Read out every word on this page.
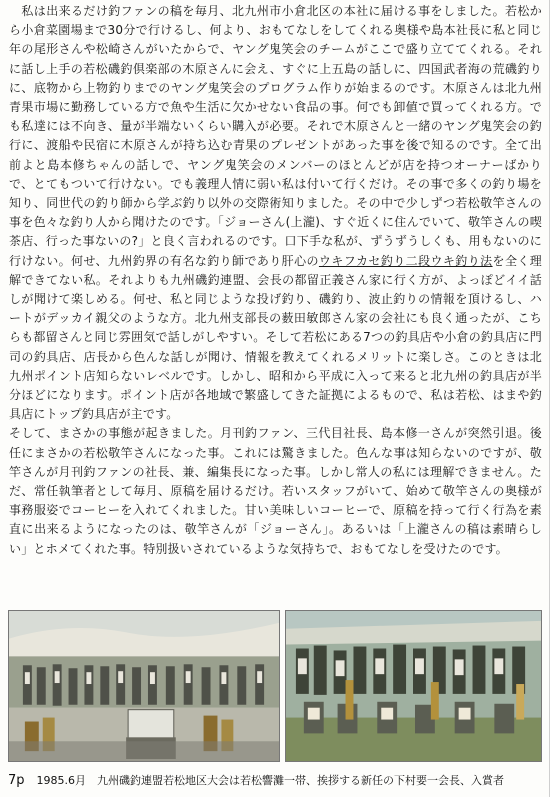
　私は出来るだけ釣ファンの稿を毎月、北九州市小倉北区の本社に届ける事をしました。若松から小倉菜園場まで30分で行けるし、何より、おもてなしをしてくれる奥様や島本社長に私と同じ年の尾形さんや松崎さんがいたからで、ヤング鬼笑会のチームがここで盛り立ててくれる。それに話し上手の若松磯釣倶楽部の木原さんに会え、すぐに上五島の話しに、四国武者海の荒磯釣りに、底物から上物釣りまでのヤング鬼笑会のプログラム作りが始まるのです。木原さんは北九州青果市場に勤務している方で魚や生活に欠かせない食品の事。何でも卸値で買ってくれる方。でも私達には不向き、量が半端ないくらい購入が必要。それで木原さんと一緒のヤング鬼笑会の釣行に、渡船や民宿に木原さんが持ち込む青果のプレゼントがあった事を後で知るのです。全て出前よと島本修ちゃんの話しで、ヤング鬼笑会のメンバーのほとんどが店を持つオーナーばかりで、とてもついて行けない。でも義理人情に弱い私は付いて行くだけ。その事で多くの釣り場を知り、同世代の釣り師から学ぶ釣り以外の交際術知りました。その中で少しずつ若松敬竿さんの事を色々な釣り人から聞けたのです。「ジョーさん(上瀧)、すぐ近くに住んでいて、敬竿さんの喫茶店、行った事ないの?」と良く言われるのです。口下手な私が、ずうずうしくも、用もないのに行けない。何せ、九州釣界の有名な釣り師であり肝心のウキフカセ釣り二段ウキ釣り法を全く理解できてない私。それよりも九州磯釣連盟、会長の都留正義さん家に行く方が、よっぽどイイ話しが聞けて楽しめる。何せ、私と同じような投げ釣り、磯釣り、波止釣りの情報を頂けるし、ハートがデッカイ親父のような方。北九州支部長の薮田敏郎さん家の会社にも良く通ったが、こちらも都留さんと同じ雰囲気で話しがしやすい。そして若松にある7つの釣具店や小倉の釣具店に門司の釣具店、店長から色んな話しが聞け、情報を教えてくれるメリットに楽しさ。このときは北九州ポイント店知らないレベルです。しかし、昭和から平成に入って来ると北九州の釣具店が半分ほどになります。ポイント店が各地域で繁盛してきた証拠によるもので、私は若松、はまや釣具店にトップ釣具店が主です。

そして、まさかの事態が起きました。月刊釣ファン、三代目社長、島本修一さんが突然引退。後任にまさかの若松敬竿さんになった事。これには驚きました。色んな事は知らないのですが、敬竿さんが月刊釣ファンの社長、兼、編集長になった事。しかし常人の私には理解できません。ただ、常任執筆者として毎月、原稿を届けるだけ。若いスタッフがいて、始めて敬竿さんの奥様が事務服姿でコーヒーを入れてくれました。甘い美味しいコーヒーで、原稿を持って行く行為を素直に出来るようになったのは、敬竿さんが「ジョーさん」。あるいは「上瀧さんの稿は素晴らしい」とホメてくれた事。特別扱いされているような気持ちで、おもてなしを受けたのです。

7p 1985.6月　九州磯釣連盟若松地区大会は若松響灘一帯、挨拶する新任の下村要一会長、入賞者
